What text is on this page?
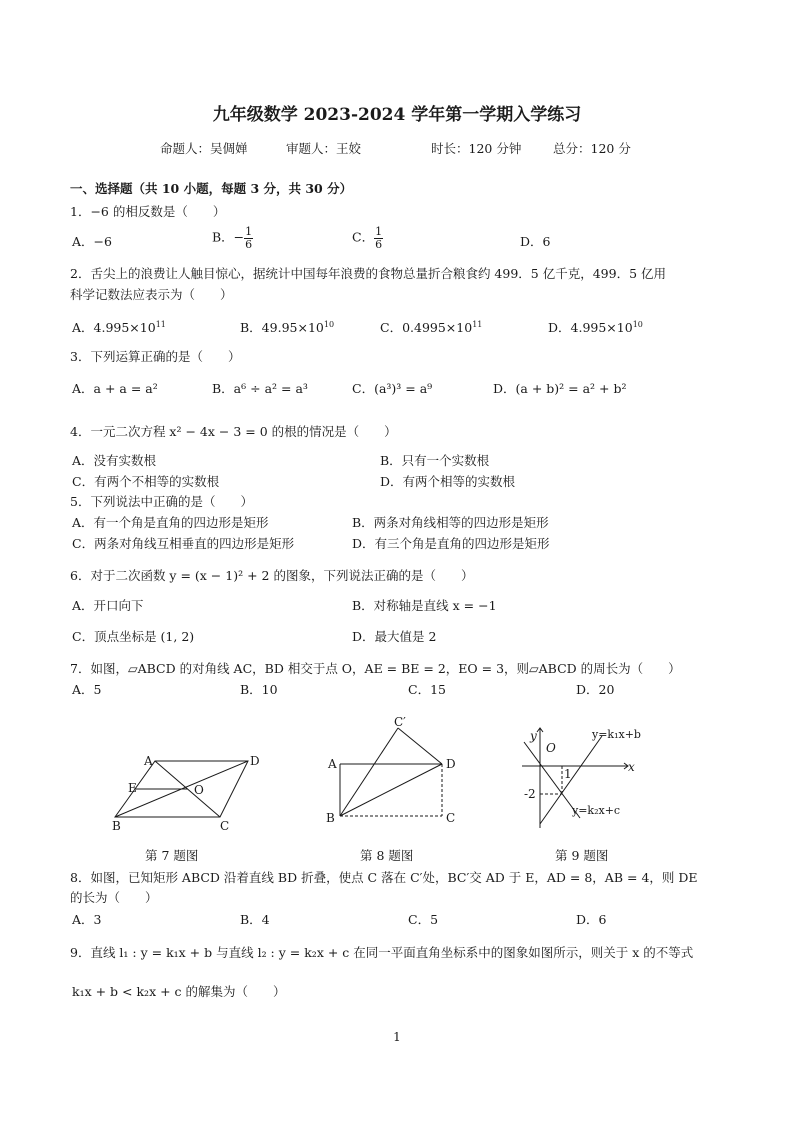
九年级数学 2023-2024 学年第一学期入学练习
命题人：吴倜婵	审题人：王姣	时长：120 分钟	总分：120 分
一、选择题（共 10 小题，每题 3 分，共 30 分）
1．−6 的相反数是（　　）
A．−6	B．− $\frac{1}{6}$	C． $\frac{1}{6}$	D．6
2．舌尖上的浪费让人触目惊心，据统计中国每年浪费的食物总量折合粮食约 499．5 亿千克，499．5 亿用
科学记数法应表示为（　　）
A．$4.995\times 10^{11}$	B．$49.95\times 10^{10}$	C．$0.4995\times 10^{11}$	D．$4.995\times 10^{10}$
3．下列运算正确的是（　　）
A．a + a = a²	B．a⁶ ÷ a² = a³	C．(a³)³ = a⁹	D．(a + b)² = a² + b²
4．一元二次方程 x² − 4x − 3 = 0 的根的情况是（　　）
A．没有实数根	B．只有一个实数根
C．有两个不相等的实数根	D．有两个相等的实数根
5．下列说法中正确的是（　　）
A．有一个角是直角的四边形是矩形	B．两条对角线相等的四边形是矩形
C．两条对角线互相垂直的四边形是矩形	D．有三个角是直角的四边形是矩形
6．对于二次函数 y = (x − 1)² + 2 的图象，下列说法正确的是（　　）
A．开口向下	B．对称轴是直线 x = −1
C．顶点坐标是 (1, 2)	D．最大值是 2
7．如图，▱ABCD 的对角线 AC，BD 相交于点 O，AE = BE = 2，EO = 3，则▱ABCD 的周长为（　　）
A．5	B．10	C．15	D．20
A	D
E	O
B	C
第 7 题图
C′
A	D
B	C
第 8 题图
y
O
x
1
-2
y=k₁x+b
y=k₂x+c
第 9 题图
8．如图，已知矩形 ABCD 沿着直线 BD 折叠，使点 C 落在 C′处，BC′交 AD 于 E，AD = 8，AB = 4，则 DE
的长为（　　）
A．3	B．4	C．5	D．6
9．直线 l₁ : y = k₁x + b 与直线 l₂ : y = k₂x + c 在同一平面直角坐标系中的图象如图所示，则关于 x 的不等式
k₁x + b < k₂x + c 的解集为（　　）
1
